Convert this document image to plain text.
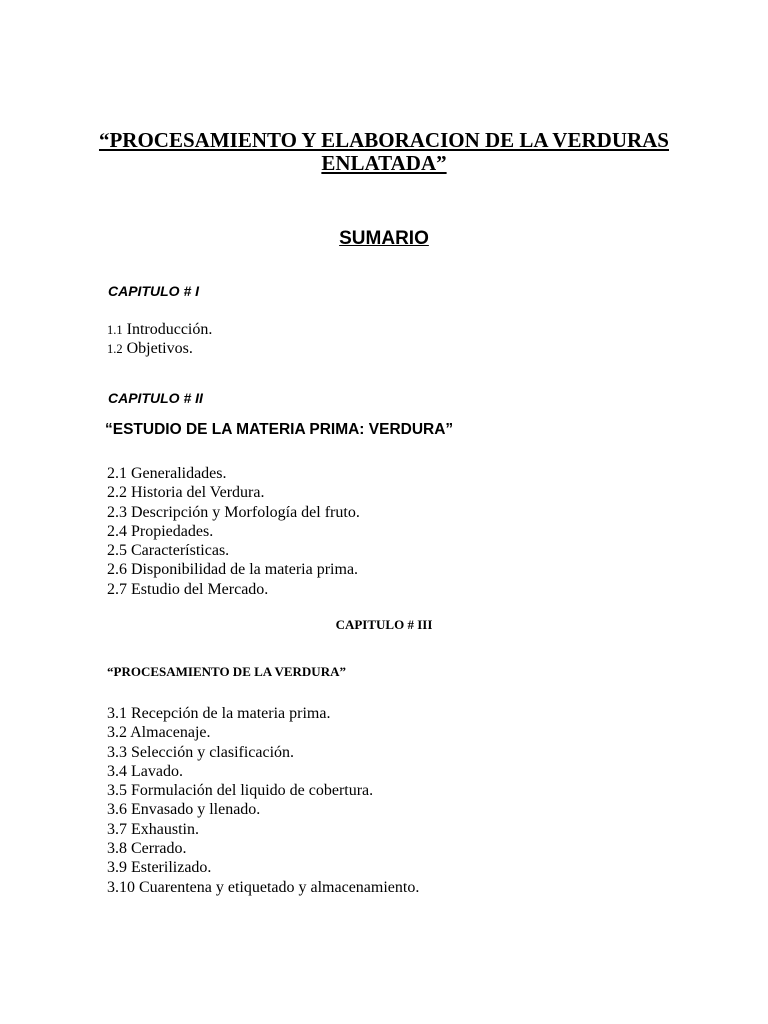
“PROCESAMIENTO Y ELABORACION DE LA VERDURAS
ENLATADA”
SUMARIO
CAPITULO # I
1.1 Introducción.
1.2 Objetivos.
CAPITULO # II
“ESTUDIO DE LA MATERIA PRIMA: VERDURA”
2.1 Generalidades.
2.2 Historia del Verdura.
2.3 Descripción y Morfología del fruto.
2.4 Propiedades.
2.5 Características.
2.6 Disponibilidad de la materia prima.
2.7 Estudio del Mercado.
CAPITULO # III
“PROCESAMIENTO DE LA VERDURA”
3.1 Recepción de la materia prima.
3.2 Almacenaje.
3.3 Selección y clasificación.
3.4 Lavado.
3.5 Formulación del liquido de cobertura.
3.6 Envasado y llenado.
3.7 Exhaustin.
3.8 Cerrado.
3.9 Esterilizado.
3.10 Cuarentena y etiquetado y almacenamiento.
